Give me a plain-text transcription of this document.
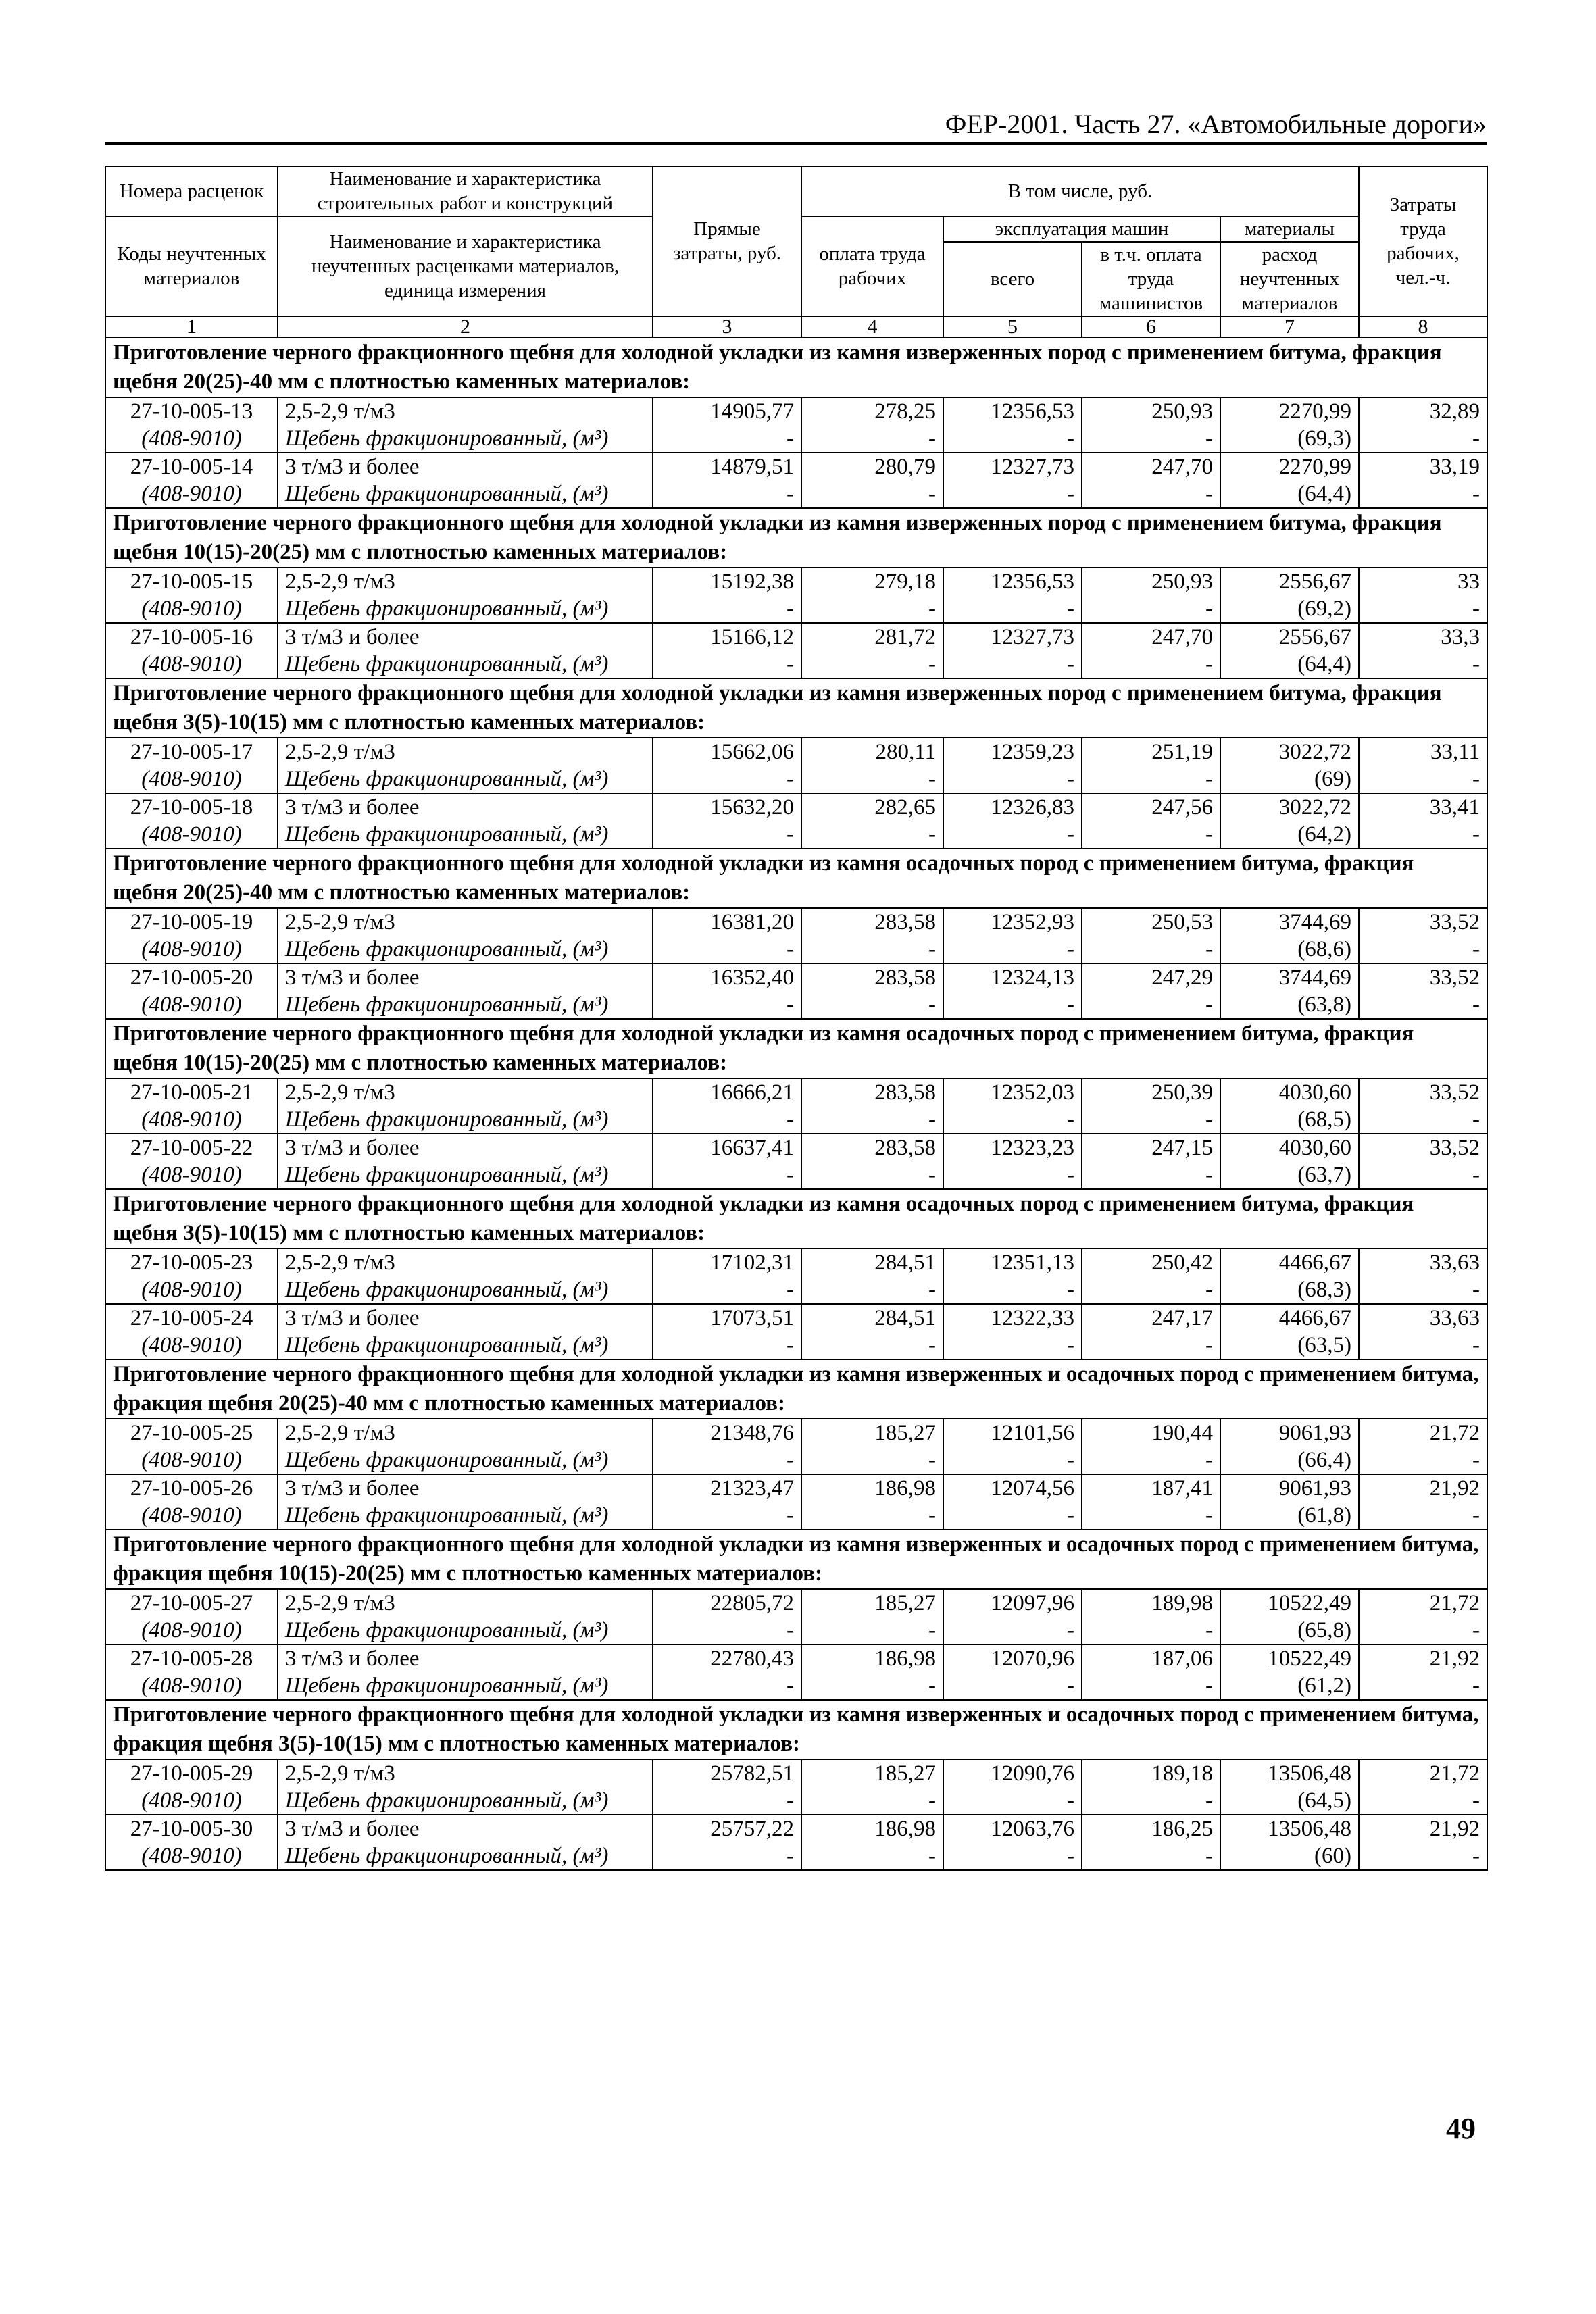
ФЕР-2001. Часть 27. «Автомобильные дороги»
Номера расценок	Наименование и характеристика строительных работ и конструкций	Прямые затраты, руб.	В том числе, руб.				Затраты труда рабочих, чел.-ч.
Коды неучтенных материалов	Наименование и характеристика неучтенных расценками материалов, единица измерения		оплата труда рабочих	эксплуатация машин		материалы	
				всего	в т.ч. оплата труда машинистов	расход неучтенных материалов	
1	2	3	4	5	6	7	8
Приготовление черного фракционного щебня для холодной укладки из камня изверженных пород с применением битума, фракция щебня 20(25)-40 мм с плотностью каменных материалов:							
27-10-005-13	2,5-2,9 т/м3	14905,77	278,25	12356,53	250,93	2270,99	32,89
(408-9010)	Щебень фракционированный, (м³)	-	-	-	-	(69,3)	-
27-10-005-14	3 т/м3 и более	14879,51	280,79	12327,73	247,70	2270,99	33,19
(408-9010)	Щебень фракционированный, (м³)	-	-	-	-	(64,4)	-
Приготовление черного фракционного щебня для холодной укладки из камня изверженных пород с применением битума, фракция щебня 10(15)-20(25) мм с плотностью каменных материалов:							
27-10-005-15	2,5-2,9 т/м3	15192,38	279,18	12356,53	250,93	2556,67	33
(408-9010)	Щебень фракционированный, (м³)	-	-	-	-	(69,2)	-
27-10-005-16	3 т/м3 и более	15166,12	281,72	12327,73	247,70	2556,67	33,3
(408-9010)	Щебень фракционированный, (м³)	-	-	-	-	(64,4)	-
Приготовление черного фракционного щебня для холодной укладки из камня изверженных пород с применением битума, фракция щебня 3(5)-10(15) мм с плотностью каменных материалов:							
27-10-005-17	2,5-2,9 т/м3	15662,06	280,11	12359,23	251,19	3022,72	33,11
(408-9010)	Щебень фракционированный, (м³)	-	-	-	-	(69)	-
27-10-005-18	3 т/м3 и более	15632,20	282,65	12326,83	247,56	3022,72	33,41
(408-9010)	Щебень фракционированный, (м³)	-	-	-	-	(64,2)	-
Приготовление черного фракционного щебня для холодной укладки из камня осадочных пород с применением битума, фракция щебня 20(25)-40 мм с плотностью каменных материалов:							
27-10-005-19	2,5-2,9 т/м3	16381,20	283,58	12352,93	250,53	3744,69	33,52
(408-9010)	Щебень фракционированный, (м³)	-	-	-	-	(68,6)	-
27-10-005-20	3 т/м3 и более	16352,40	283,58	12324,13	247,29	3744,69	33,52
(408-9010)	Щебень фракционированный, (м³)	-	-	-	-	(63,8)	-
Приготовление черного фракционного щебня для холодной укладки из камня осадочных пород с применением битума, фракция щебня 10(15)-20(25) мм с плотностью каменных материалов:							
27-10-005-21	2,5-2,9 т/м3	16666,21	283,58	12352,03	250,39	4030,60	33,52
(408-9010)	Щебень фракционированный, (м³)	-	-	-	-	(68,5)	-
27-10-005-22	3 т/м3 и более	16637,41	283,58	12323,23	247,15	4030,60	33,52
(408-9010)	Щебень фракционированный, (м³)	-	-	-	-	(63,7)	-
Приготовление черного фракционного щебня для холодной укладки из камня осадочных пород с применением битума, фракция щебня 3(5)-10(15) мм с плотностью каменных материалов:							
27-10-005-23	2,5-2,9 т/м3	17102,31	284,51	12351,13	250,42	4466,67	33,63
(408-9010)	Щебень фракционированный, (м³)	-	-	-	-	(68,3)	-
27-10-005-24	3 т/м3 и более	17073,51	284,51	12322,33	247,17	4466,67	33,63
(408-9010)	Щебень фракционированный, (м³)	-	-	-	-	(63,5)	-
Приготовление черного фракционного щебня для холодной укладки из камня изверженных и осадочных пород с применением битума, фракция щебня 20(25)-40 мм с плотностью каменных материалов:							
27-10-005-25	2,5-2,9 т/м3	21348,76	185,27	12101,56	190,44	9061,93	21,72
(408-9010)	Щебень фракционированный, (м³)	-	-	-	-	(66,4)	-
27-10-005-26	3 т/м3 и более	21323,47	186,98	12074,56	187,41	9061,93	21,92
(408-9010)	Щебень фракционированный, (м³)	-	-	-	-	(61,8)	-
Приготовление черного фракционного щебня для холодной укладки из камня изверженных и осадочных пород с применением битума, фракция щебня 10(15)-20(25) мм с плотностью каменных материалов:							
27-10-005-27	2,5-2,9 т/м3	22805,72	185,27	12097,96	189,98	10522,49	21,72
(408-9010)	Щебень фракционированный, (м³)	-	-	-	-	(65,8)	-
27-10-005-28	3 т/м3 и более	22780,43	186,98	12070,96	187,06	10522,49	21,92
(408-9010)	Щебень фракционированный, (м³)	-	-	-	-	(61,2)	-
Приготовление черного фракционного щебня для холодной укладки из камня изверженных и осадочных пород с применением битума, фракция щебня 3(5)-10(15) мм с плотностью каменных материалов:							
27-10-005-29	2,5-2,9 т/м3	25782,51	185,27	12090,76	189,18	13506,48	21,72
(408-9010)	Щебень фракционированный, (м³)	-	-	-	-	(64,5)	-
27-10-005-30	3 т/м3 и более	25757,22	186,98	12063,76	186,25	13506,48	21,92
(408-9010)	Щебень фракционированный, (м³)	-	-	-	-	(60)	-
49
